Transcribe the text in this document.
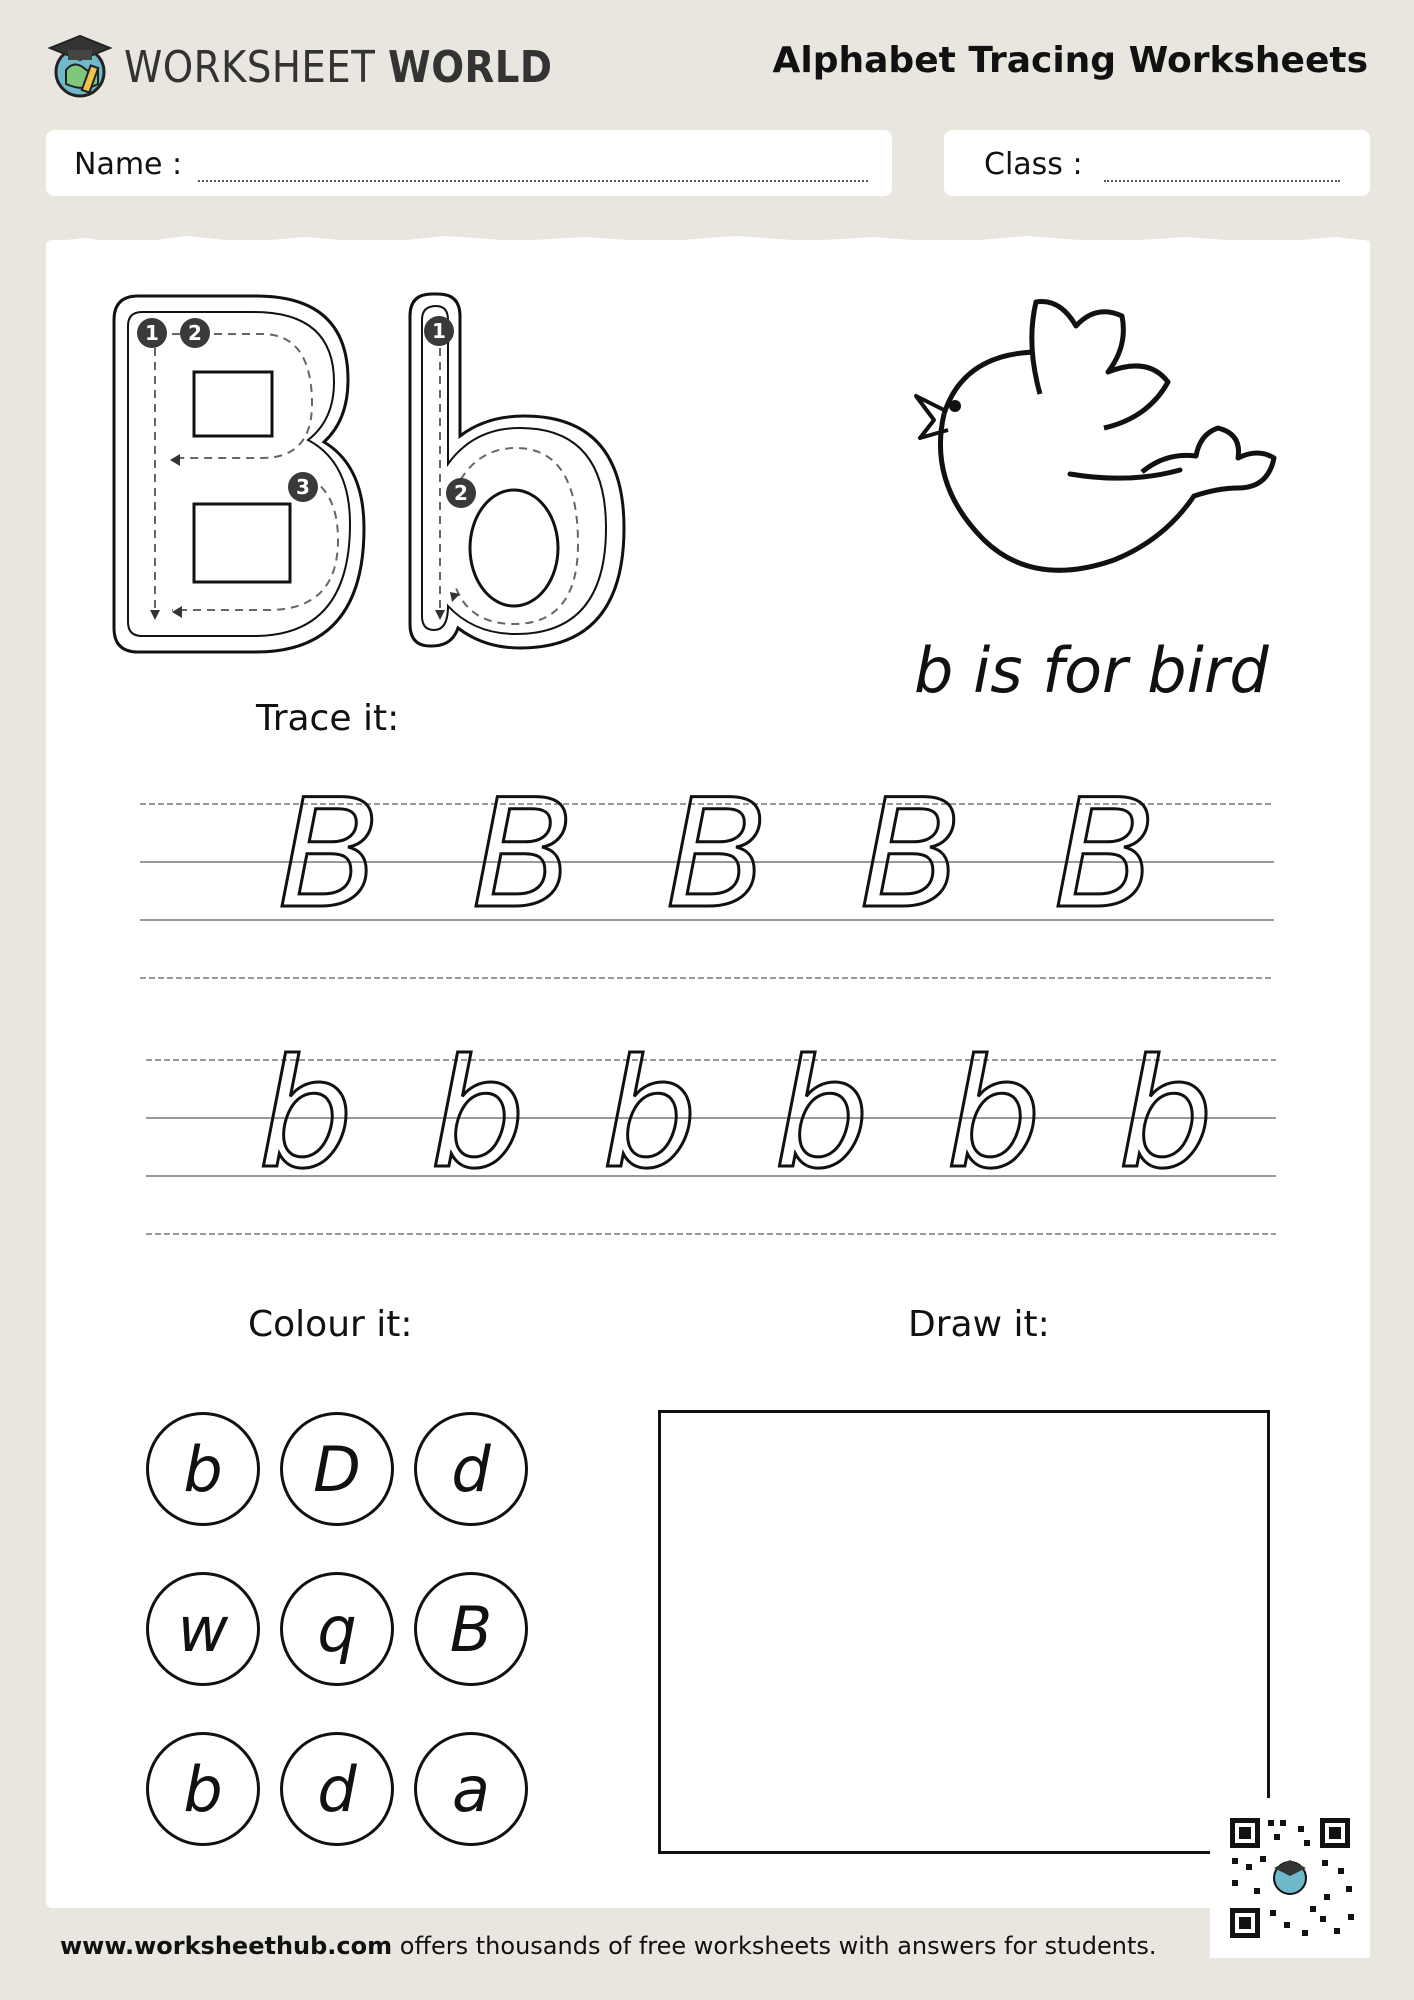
WORKSHEET WORLD	Alphabet Tracing Worksheets
Name :	Class :
1	2
3
1
2
b is for bird
Trace it:
B B B B B
b b b b b b
Colour it:
b	D	d
w	q	B
b	d	a
Draw it:
www.worksheethub.com offers thousands of free worksheets with answers for students.
